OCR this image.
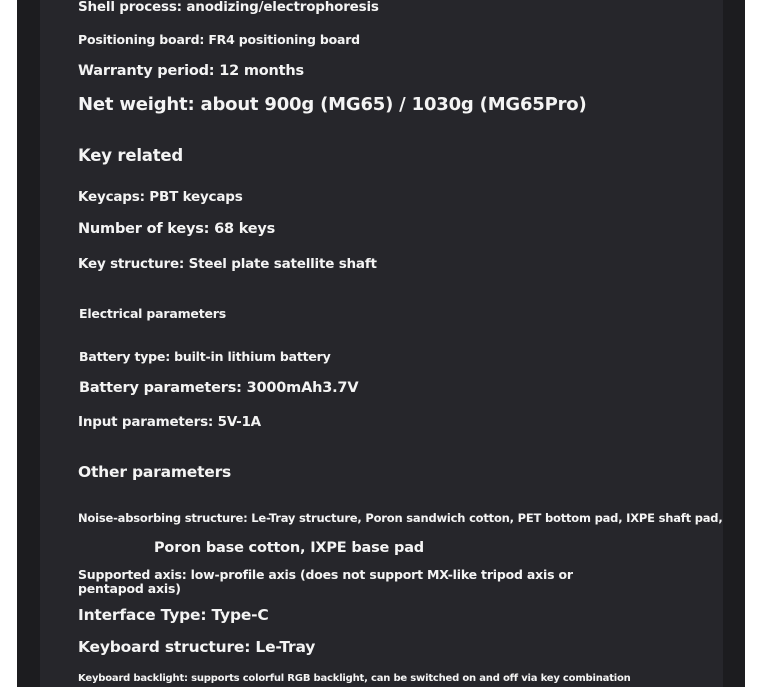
Shell process: anodizing/electrophoresis
Positioning board: FR4 positioning board
Warranty period: 12 months
Net weight: about 900g (MG65) / 1030g (MG65Pro)
Key related
Keycaps: PBT keycaps
Number of keys: 68 keys
Key structure: Steel plate satellite shaft
Electrical parameters
Battery type: built-in lithium battery
Battery parameters: 3000mAh3.7V
Input parameters: 5V-1A
Other parameters
Noise-absorbing structure: Le-Tray structure, Poron sandwich cotton, PET bottom pad, IXPE shaft pad,
Poron base cotton, IXPE base pad
Supported axis: low-profile axis (does not support MX-like tripod axis or
pentapod axis)
Interface Type: Type-C
Keyboard structure: Le-Tray
Keyboard backlight: supports colorful RGB backlight, can be switched on and off via key combination
